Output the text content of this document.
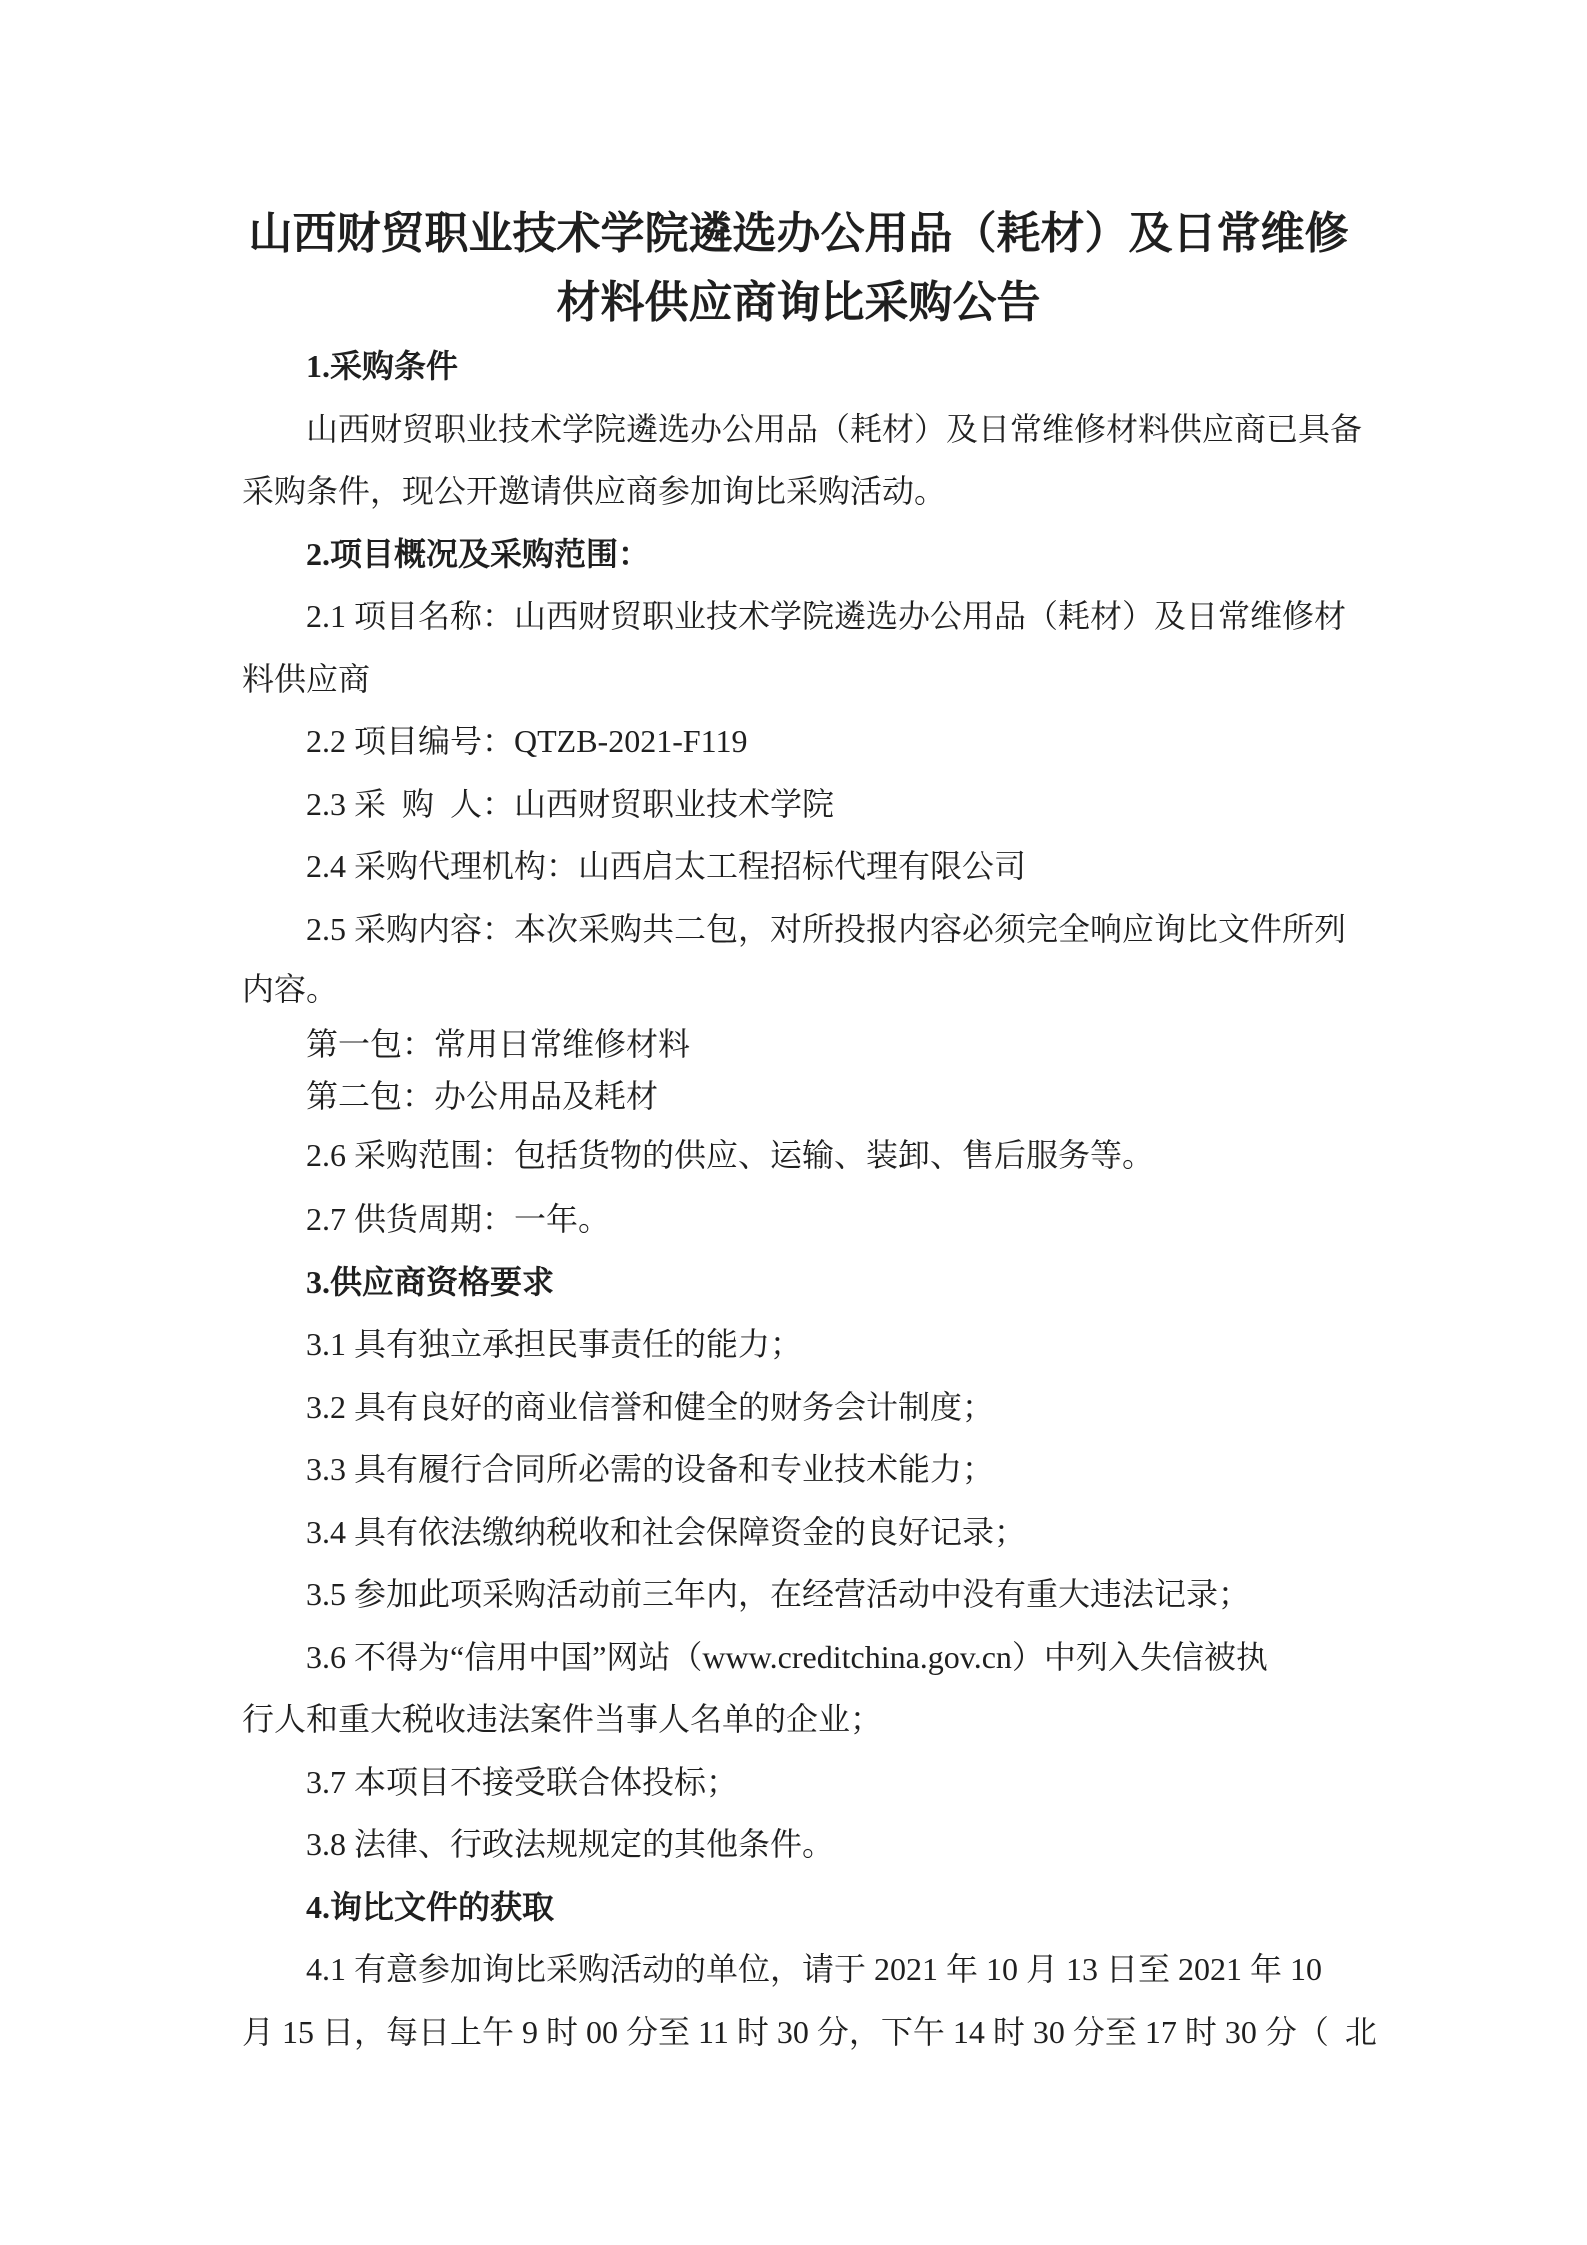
山西财贸职业技术学院遴选办公用品（耗材）及日常维修
材料供应商询比采购公告
1.采购条件
山西财贸职业技术学院遴选办公用品（耗材）及日常维修材料供应商已具备
采购条件，现公开邀请供应商参加询比采购活动。
2.项目概况及采购范围：
2.1 项目名称：山西财贸职业技术学院遴选办公用品（耗材）及日常维修材
料供应商
2.2 项目编号：QTZB-2021-F119
2.3 采  购  人：山西财贸职业技术学院
2.4 采购代理机构：山西启太工程招标代理有限公司
2.5 采购内容：本次采购共二包，对所投报内容必须完全响应询比文件所列
内容。
第一包：常用日常维修材料
第二包：办公用品及耗材
2.6 采购范围：包括货物的供应、运输、装卸、售后服务等。
2.7 供货周期：一年。
3.供应商资格要求
3.1 具有独立承担民事责任的能力；
3.2 具有良好的商业信誉和健全的财务会计制度；
3.3 具有履行合同所必需的设备和专业技术能力；
3.4 具有依法缴纳税收和社会保障资金的良好记录；
3.5 参加此项采购活动前三年内，在经营活动中没有重大违法记录；
3.6 不得为“信用中国”网站（www.creditchina.gov.cn）中列入失信被执
行人和重大税收违法案件当事人名单的企业；
3.7 本项目不接受联合体投标；
3.8 法律、行政法规规定的其他条件。
4.询比文件的获取
4.1 有意参加询比采购活动的单位，请于 2021 年 10 月 13 日至 2021 年 10
月 15 日，每日上午 9 时 00 分至 11 时 30 分，下午 14 时 30 分至 17 时 30 分（  北
